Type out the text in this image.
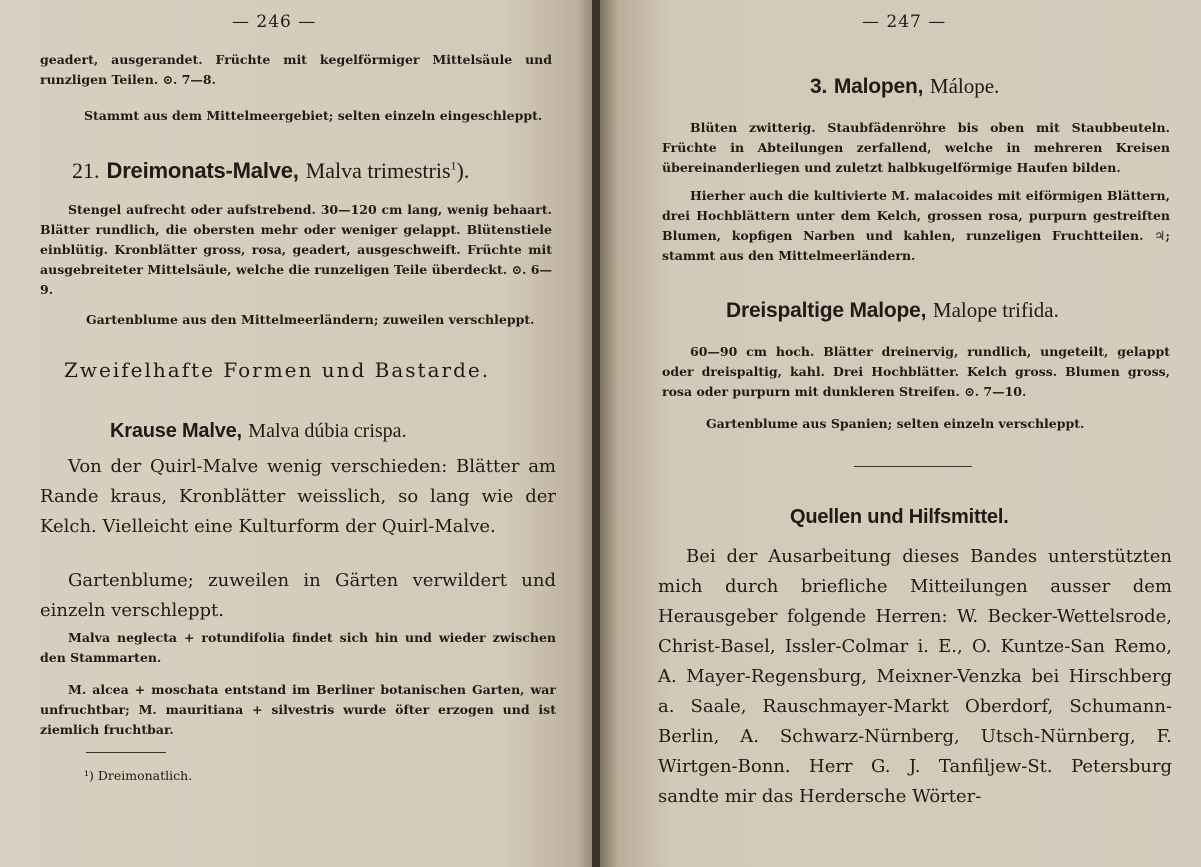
— 246 —

geadert, ausgerandet. Früchte mit kegelförmiger Mittelsäule und runzligen Teilen. ⊙. 7—8.

Stammt aus dem Mittelmeergebiet; selten einzeln eingeschleppt.

21. Dreimonats-Malve, Malva trimestris$^1$).

Stengel aufrecht oder aufstrebend. 30—120 cm lang, wenig behaart. Blätter rundlich, die obersten mehr oder weniger gelappt. Blütenstiele einblütig. Kronblätter gross, rosa, geadert, ausgeschweift. Früchte mit ausgebreiteter Mittelsäule, welche die runzeligen Teile überdeckt. ⊙. 6—9.

Gartenblume aus den Mittelmeerländern; zuweilen verschleppt.

Zweifelhafte Formen und Bastarde.

Krause Malve, Malva dúbia crispa.

Von der Quirl-Malve wenig verschieden: Blätter am Rande kraus, Kronblätter weisslich, so lang wie der Kelch. Vielleicht eine Kulturform der Quirl-Malve.

Gartenblume; zuweilen in Gärten verwildert und einzeln verschleppt.

Malva neglecta + rotundifolia findet sich hin und wieder zwischen den Stammarten.

M. alcea + moschata entstand im Berliner botanischen Garten, war unfruchtbar; M. mauritiana + silvestris wurde öfter erzogen und ist ziemlich fruchtbar.

¹) Dreimonatlich.

— 247 —

3. Malopen, Málope.

Blüten zwitterig. Staubfädenröhre bis oben mit Staubbeuteln. Früchte in Abteilungen zerfallend, welche in mehreren Kreisen übereinanderliegen und zuletzt halbkugelförmige Haufen bilden.

Hierher auch die kultivierte M. malacoides mit eiförmigen Blättern, drei Hochblättern unter dem Kelch, grossen rosa, purpurn gestreiften Blumen, kopfigen Narben und kahlen, runzeligen Fruchtteilen. ♃; stammt aus den Mittelmeerländern.

Dreispaltige Malope, Malope trifida.

60—90 cm hoch. Blätter dreinervig, rundlich, ungeteilt, gelappt oder dreispaltig, kahl. Drei Hochblätter. Kelch gross. Blumen gross, rosa oder purpurn mit dunkleren Streifen. ⊙. 7—10.

Gartenblume aus Spanien; selten einzeln verschleppt.

Quellen und Hilfsmittel.

Bei der Ausarbeitung dieses Bandes unterstützten mich durch briefliche Mitteilungen ausser dem Herausgeber folgende Herren: W. Becker-Wettelsrode, Christ-Basel, Issler-Colmar i. E., O. Kuntze-San Remo, A. Mayer-Regensburg, Meixner-Venzka bei Hirschberg a. Saale, Rauschmayer-Markt Oberdorf, Schumann-Berlin, A. Schwarz-Nürnberg, Utsch-Nürnberg, F. Wirtgen-Bonn. Herr G. J. Tanfiljew-St. Petersburg sandte mir das Herdersche Wörter-
